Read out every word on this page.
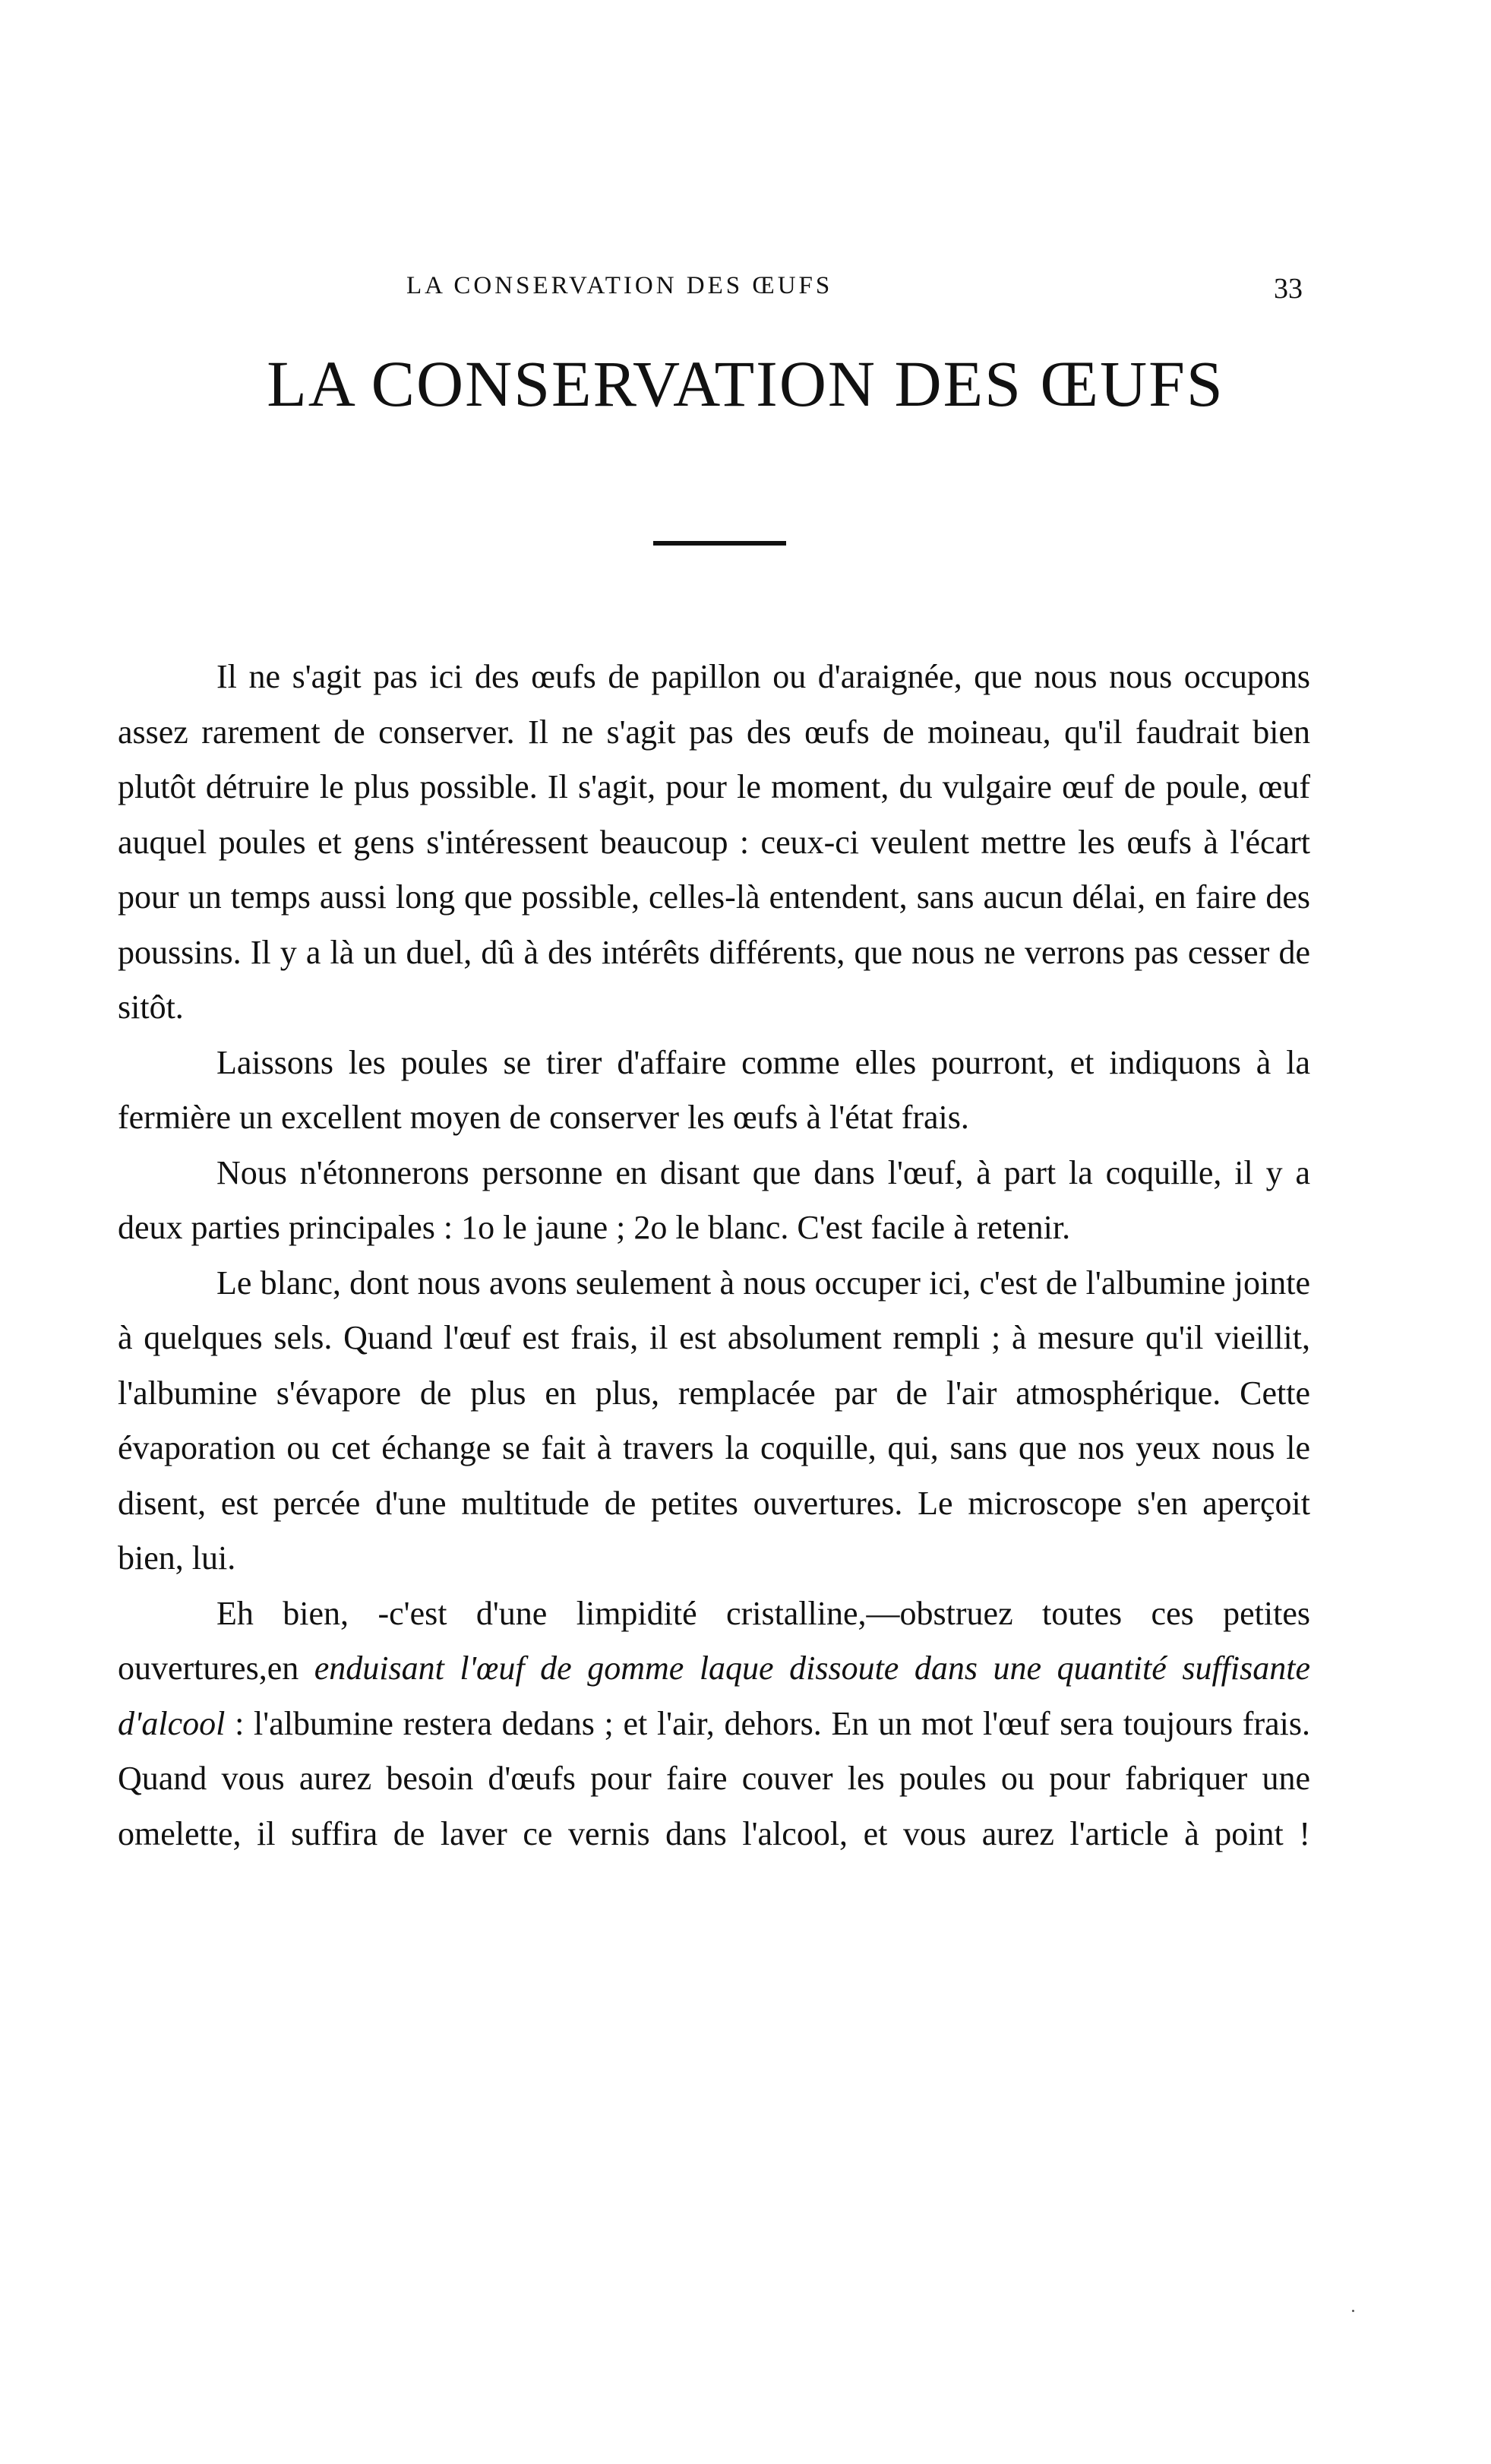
LA CONSERVATION DES ŒUFS	33
LA CONSERVATION DES ŒUFS

Il ne s'agit pas ici des œufs de papillon ou d'araignée, que nous nous occupons assez rarement de conserver. Il ne s'agit pas des œufs de moineau, qu'il faudrait bien plutôt détruire le plus possible. Il s'agit, pour le moment, du vulgaire œuf de poule, œuf auquel poules et gens s'intéressent beaucoup : ceux-ci veulent mettre les œufs à l'écart pour un temps aussi long que possible, celles-là entendent, sans aucun délai, en faire des poussins. Il y a là un duel, dû à des intérêts différents, que nous ne verrons pas cesser de sitôt.

Laissons les poules se tirer d'affaire comme elles pourront, et indiquons à la fermière un excellent moyen de conserver les œufs à l'état frais.

Nous n'étonnerons personne en disant que dans l'œuf, à part la coquille, il y a deux parties principales : 1o le jaune ; 2o le blanc. C'est facile à retenir.

Le blanc, dont nous avons seulement à nous occuper ici, c'est de l'albumine jointe à quelques sels. Quand l'œuf est frais, il est absolument rempli ; à mesure qu'il vieillit, l'albumine s'évapore de plus en plus, remplacée par de l'air atmosphérique. Cette évaporation ou cet échange se fait à travers la coquille, qui, sans que nos yeux nous le disent, est percée d'une multitude de petites ouvertures. Le microscope s'en aperçoit bien, lui.

Eh bien, -c'est d'une limpidité cristalline,—obstruez toutes ces petites ouvertures,en enduisant l'œuf de gomme laque dissoute dans une quantité suffisante d'alcool : l'albumine restera dedans ; et l'air, dehors. En un mot l'œuf sera toujours frais. Quand vous aurez besoin d'œufs pour faire couver les poules ou pour fabriquer une omelette, il suffira de laver ce vernis dans l'alcool, et vous aurez l'article à point !
